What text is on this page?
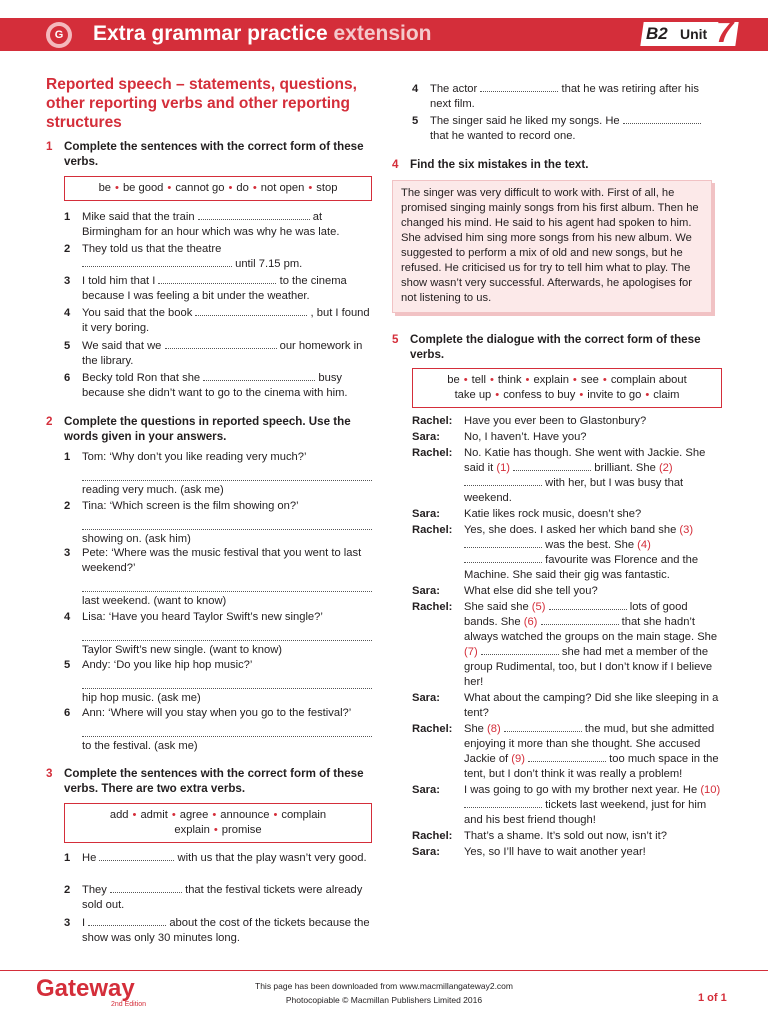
G Extra grammar practice extension	B2 Unit 7
Reported speech – statements, questions, other reporting verbs and other reporting structures
1 Complete the sentences with the correct form of these verbs.
be • be good • cannot go • do • not open • stop
1	Mike said that the train	at Birmingham for an hour which was why he was late.
2	They told us that the theatre  until 7.15 pm.
3	I told him that I	to the cinema because I was feeling a bit under the weather.
4	You said that the book	, but I found it very boring.
5	We said that we	our homework in the library.
6	Becky told Ron that she	busy because she didn’t want to go to the cinema with him.
2 Complete the questions in reported speech. Use the words given in your answers.
1	Tom: ‘Why don’t you like reading very much?’
reading very much. (ask me)
2	Tina: ‘Which screen is the film showing on?’
showing on. (ask him)
3	Pete: ‘Where was the music festival that you went to last weekend?’
last weekend. (want to know)
4	Lisa: ‘Have you heard Taylor Swift’s new single?’
Taylor Swift’s new single. (want to know)
5	Andy: ‘Do you like hip hop music?’
hip hop music. (ask me)
6	Ann: ‘Where will you stay when you go to the festival?’
to the festival. (ask me)
3 Complete the sentences with the correct form of these verbs. There are two extra verbs.
add • admit • agree • announce • complain
explain • promise
1	He	with us that the play wasn’t very good.
2	They	that the festival tickets were already sold out.
3	I	about the cost of the tickets because the show was only 30 minutes long.
4	The actor	that he was retiring after his next film.
5	The singer said he liked my songs. He  that he wanted to record one.
4 Find the six mistakes in the text.
The singer was very difficult to work with. First of all, he promised singing mainly songs from his first album. Then he changed his mind. He said to his agent had spoken to him. She advised him sing more songs from his new album. We suggested to perform a mix of old and new songs, but he refused. He criticised us for try to tell him what to play. The show wasn’t very successful. Afterwards, he apologises for not listening to us.
5 Complete the dialogue with the correct form of these verbs.
be • tell • think • explain • see • complain about
take up • confess to buy • invite to go • claim
Rachel:	Have you ever been to Glastonbury?
Sara:	No, I haven’t. Have you?
Rachel:	No. Katie has though. She went with Jackie. She said it (1)	brilliant. She (2)  with her, but I was busy that weekend.
Sara:	Katie likes rock music, doesn’t she?
Rachel:	Yes, she does. I asked her which band she (3)  was the best. She (4)  favourite was Florence and the Machine. She said their gig was fantastic.
Sara:	What else did she tell you?
Rachel:	She said she (5)	lots of good bands. She (6)	that she hadn’t always watched the groups on the main stage. She (7)	she had met a member of the group Rudimental, too, but I don’t know if I believe her!
Sara:	What about the camping? Did she like sleeping in a tent?
Rachel:	She (8)	the mud, but she admitted enjoying it more than she thought. She accused Jackie of (9)	too much space in the tent, but I don’t think it was really a problem!
Sara:	I was going to go with my brother next year. He (10)  tickets last weekend, just for him and his best friend though!
Rachel:	That’s a shame. It’s sold out now, isn’t it?
Sara:	Yes, so I’ll have to wait another year!
Gateway
2nd Edition
This page has been downloaded from www.macmillangateway2.com
Photocopiable © Macmillan Publishers Limited 2016	1 of 1
